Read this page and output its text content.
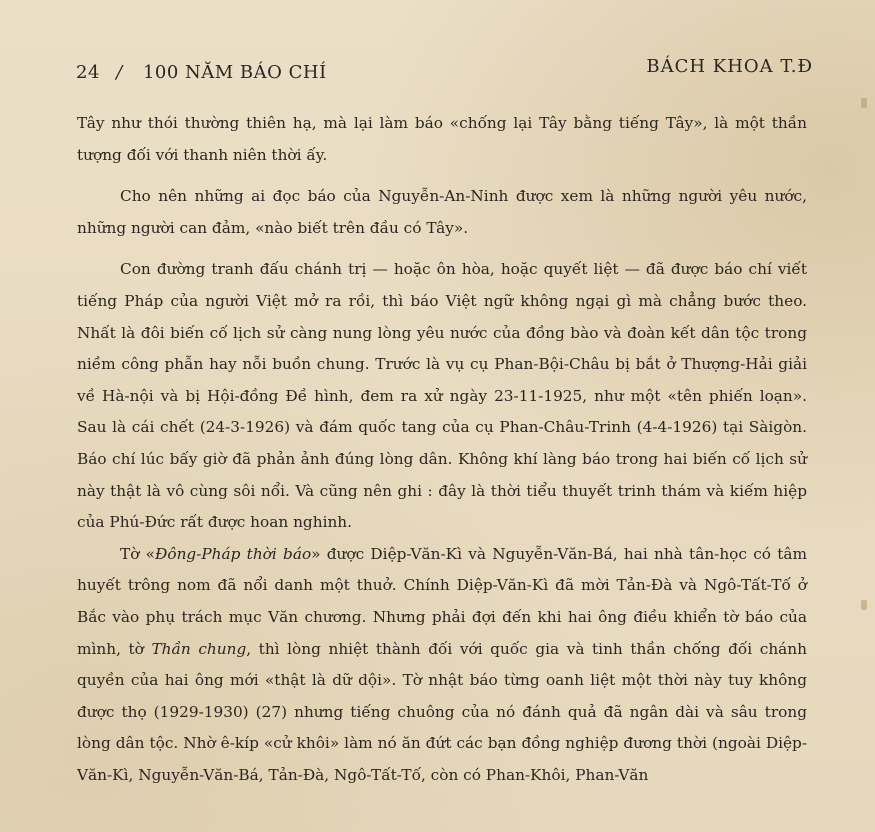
24 / 100 NĂM BÁO CHÍ	BÁCH KHOA T.Đ

Tây như thói thường thiên hạ, mà lại làm báo «chống lại Tây bằng tiếng Tây», là một thần tượng đối với thanh niên thời ấy.

Cho nên những ai đọc báo của Nguyễn-An-Ninh được xem là những người yêu nước, những người can đảm, «nào biết trên đầu có Tây».

Con đường tranh đấu chánh trị — hoặc ôn hòa, hoặc quyết liệt — đã được báo chí viết tiếng Pháp của người Việt mở ra rồi, thì báo Việt ngữ không ngại gì mà chẳng bước theo. Nhất là đôi biến cố lịch sử càng nung lòng yêu nước của đồng bào và đoàn kết dân tộc trong niềm công phẫn hay nỗi buồn chung. Trước là vụ cụ Phan-Bội-Châu bị bắt ở Thượng-Hải giải về Hà-nội và bị Hội-đồng Đề hình, đem ra xử ngày 23-11-1925, như một «tên phiến loạn». Sau là cái chết (24-3-1926) và đám quốc tang của cụ Phan-Châu-Trinh (4-4-1926) tại Sàigòn. Báo chí lúc bấy giờ đã phản ảnh đúng lòng dân. Không khí làng báo trong hai biến cố lịch sử này thật là vô cùng sôi nổi. Và cũng nên ghi : đây là thời tiểu thuyết trinh thám và kiếm hiệp của Phú-Đức rất được hoan nghinh.

Tờ «Đông-Pháp thời báo» được Diệp-Văn-Kì và Nguyễn-Văn-Bá, hai nhà tân-học có tâm huyết trông nom đã nổi danh một thuở. Chính Diệp-Văn-Kì đã mời Tản-Đà và Ngô-Tất-Tố ở Bắc vào phụ trách mục Văn chương. Nhưng phải đợi đến khi hai ông điều khiển tờ báo của mình, tờ Thần chung, thì lòng nhiệt thành đối với quốc gia và tinh thần chống đối chánh quyền của hai ông mới «thật là dữ dội». Tờ nhật báo từng oanh liệt một thời này tuy không được thọ (1929-1930) (27) nhưng tiếng chuông của nó đánh quả đã ngân dài và sâu trong lòng dân tộc. Nhờ ê-kíp «cử khôi» làm nó ăn đứt các bạn đồng nghiệp đương thời (ngoài Diệp-Văn-Kì, Nguyễn-Văn-Bá, Tản-Đà, Ngô-Tất-Tố, còn có Phan-Khôi, Phan-Văn
